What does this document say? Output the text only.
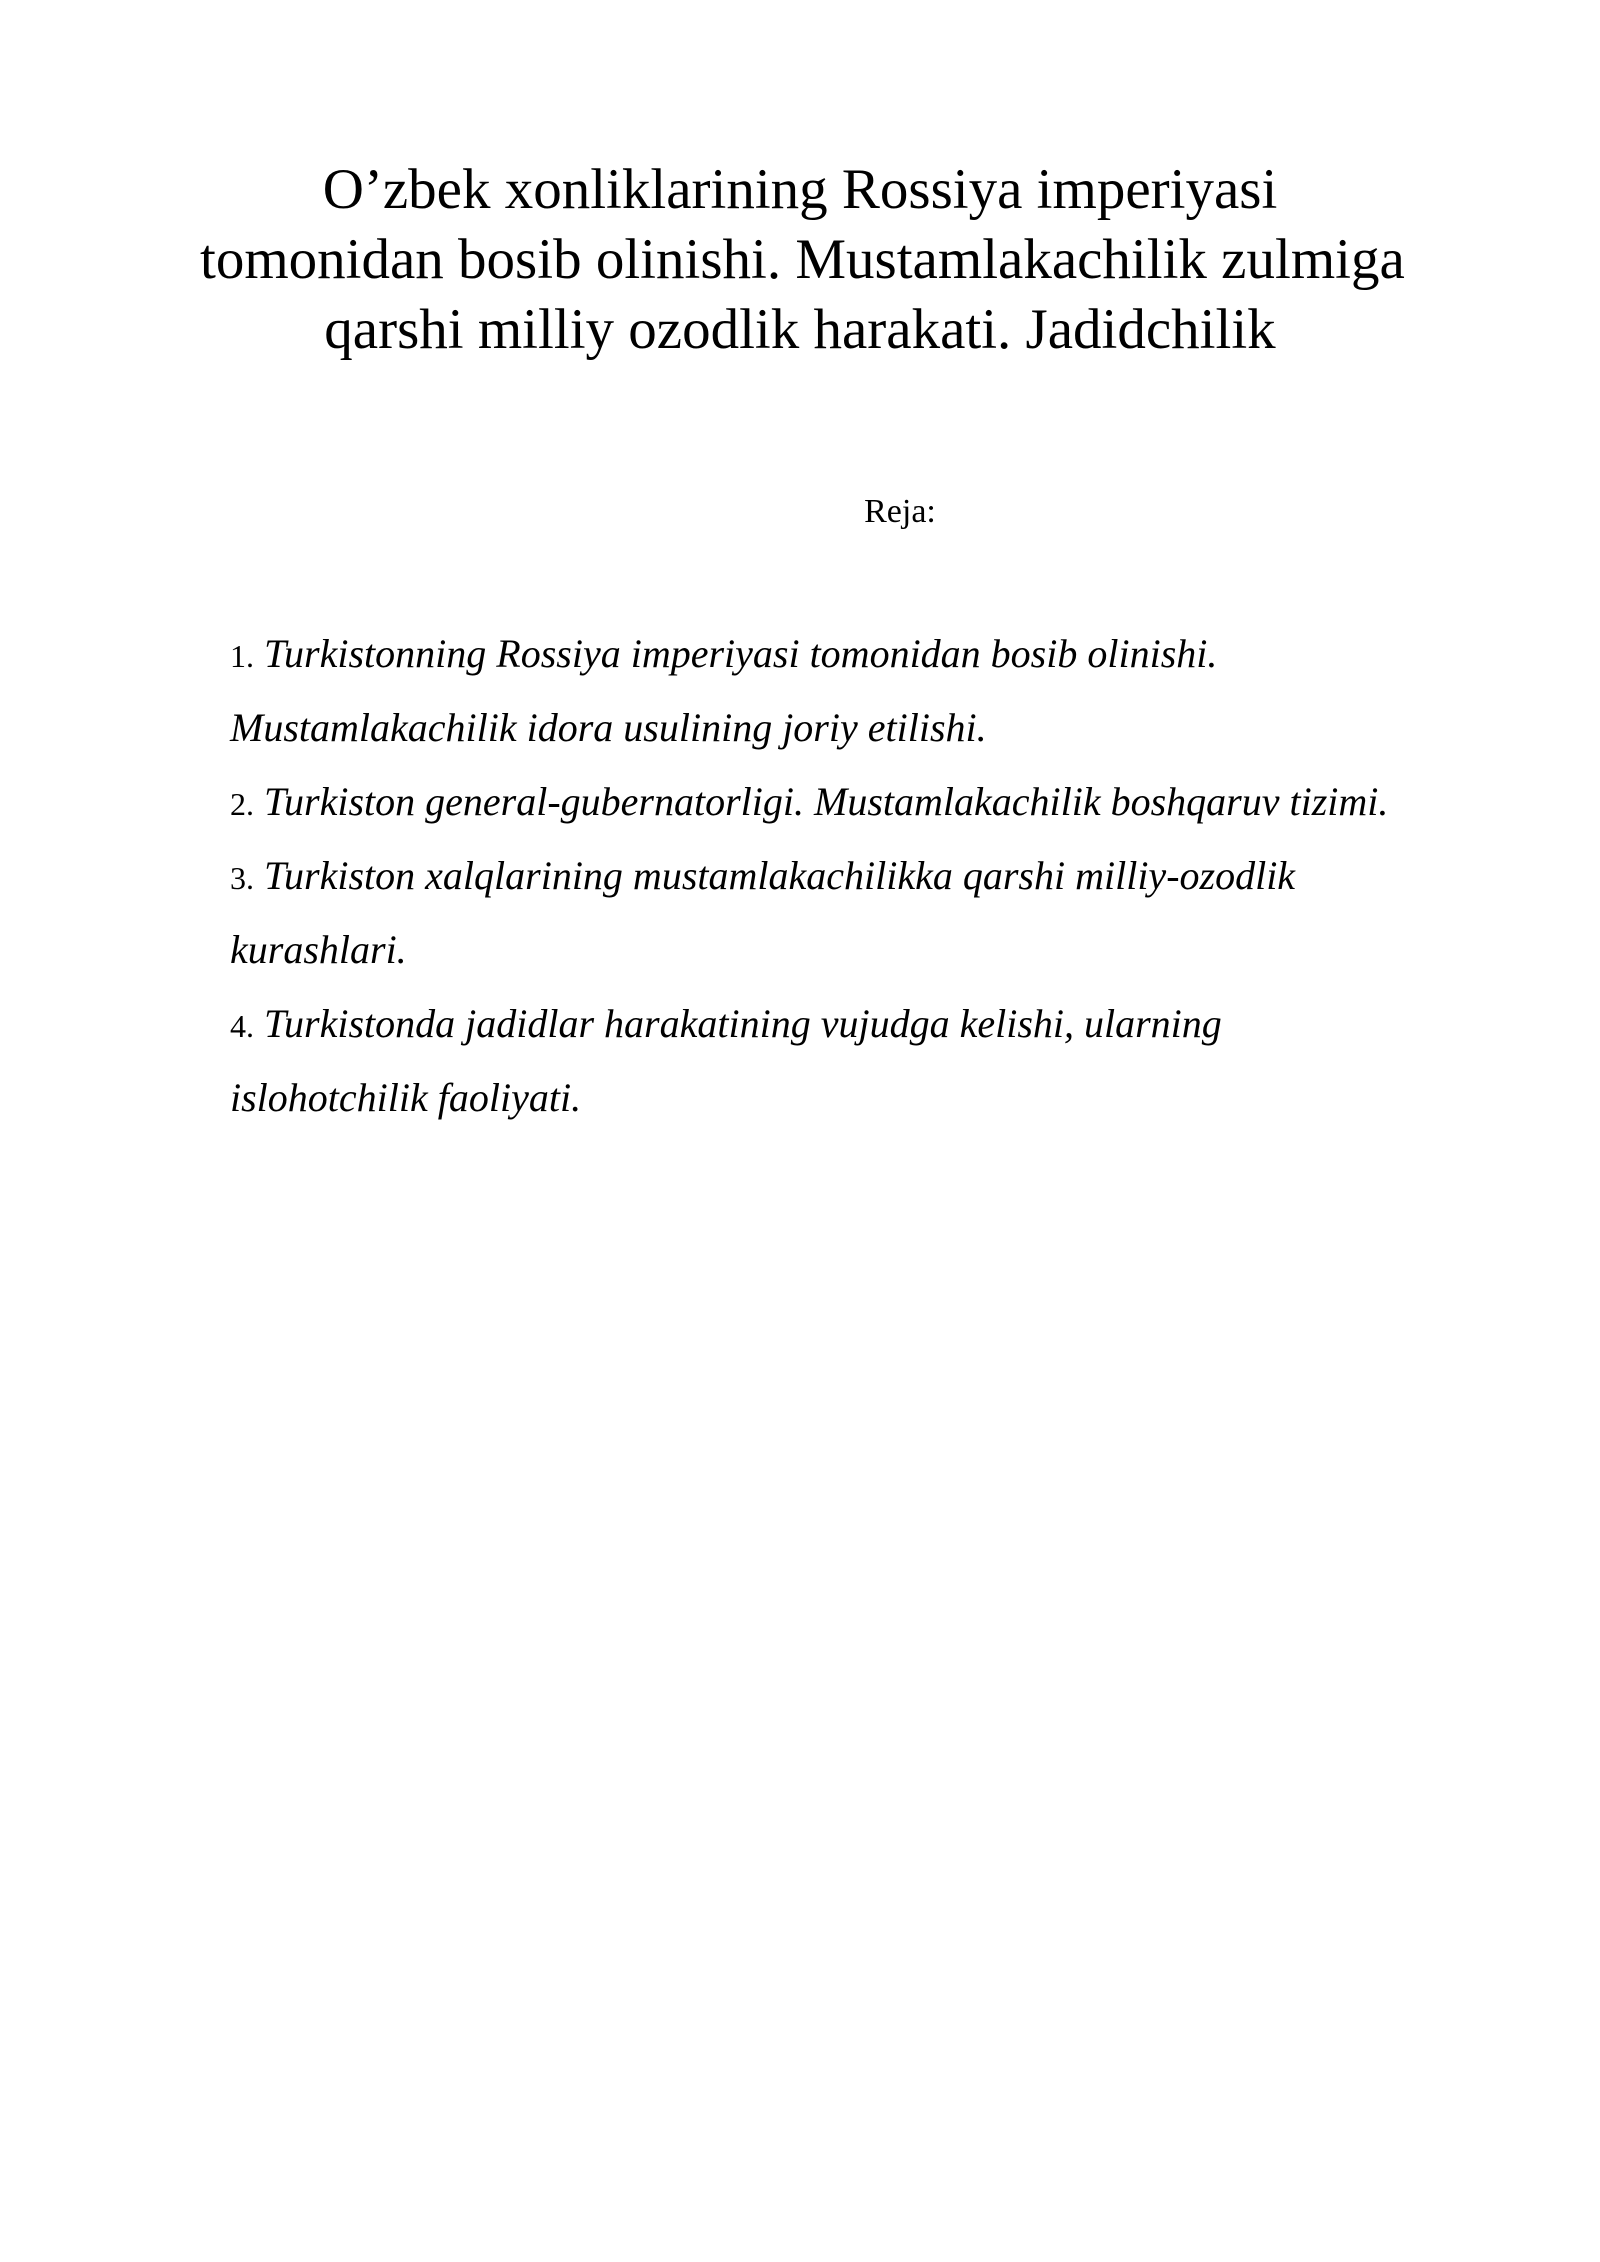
O’zbek xonliklarining Rossiya imperiyasi
tomonidan bosib olinishi. Mustamlakachilik zulmiga
qarshi milliy ozodlik harakati. Jadidchilik
Reja:
1. Turkistonning Rossiya imperiyasi tomonidan bosib olinishi.
Mustamlakachilik idora usulining joriy etilishi.
2. Turkiston general-gubernatorligi. Mustamlakachilik boshqaruv tizimi.
3. Turkiston xalqlarining mustamlakachilikka qarshi milliy-ozodlik
kurashlari.
4. Turkistonda jadidlar harakatining vujudga kelishi, ularning
islohotchilik faoliyati.
